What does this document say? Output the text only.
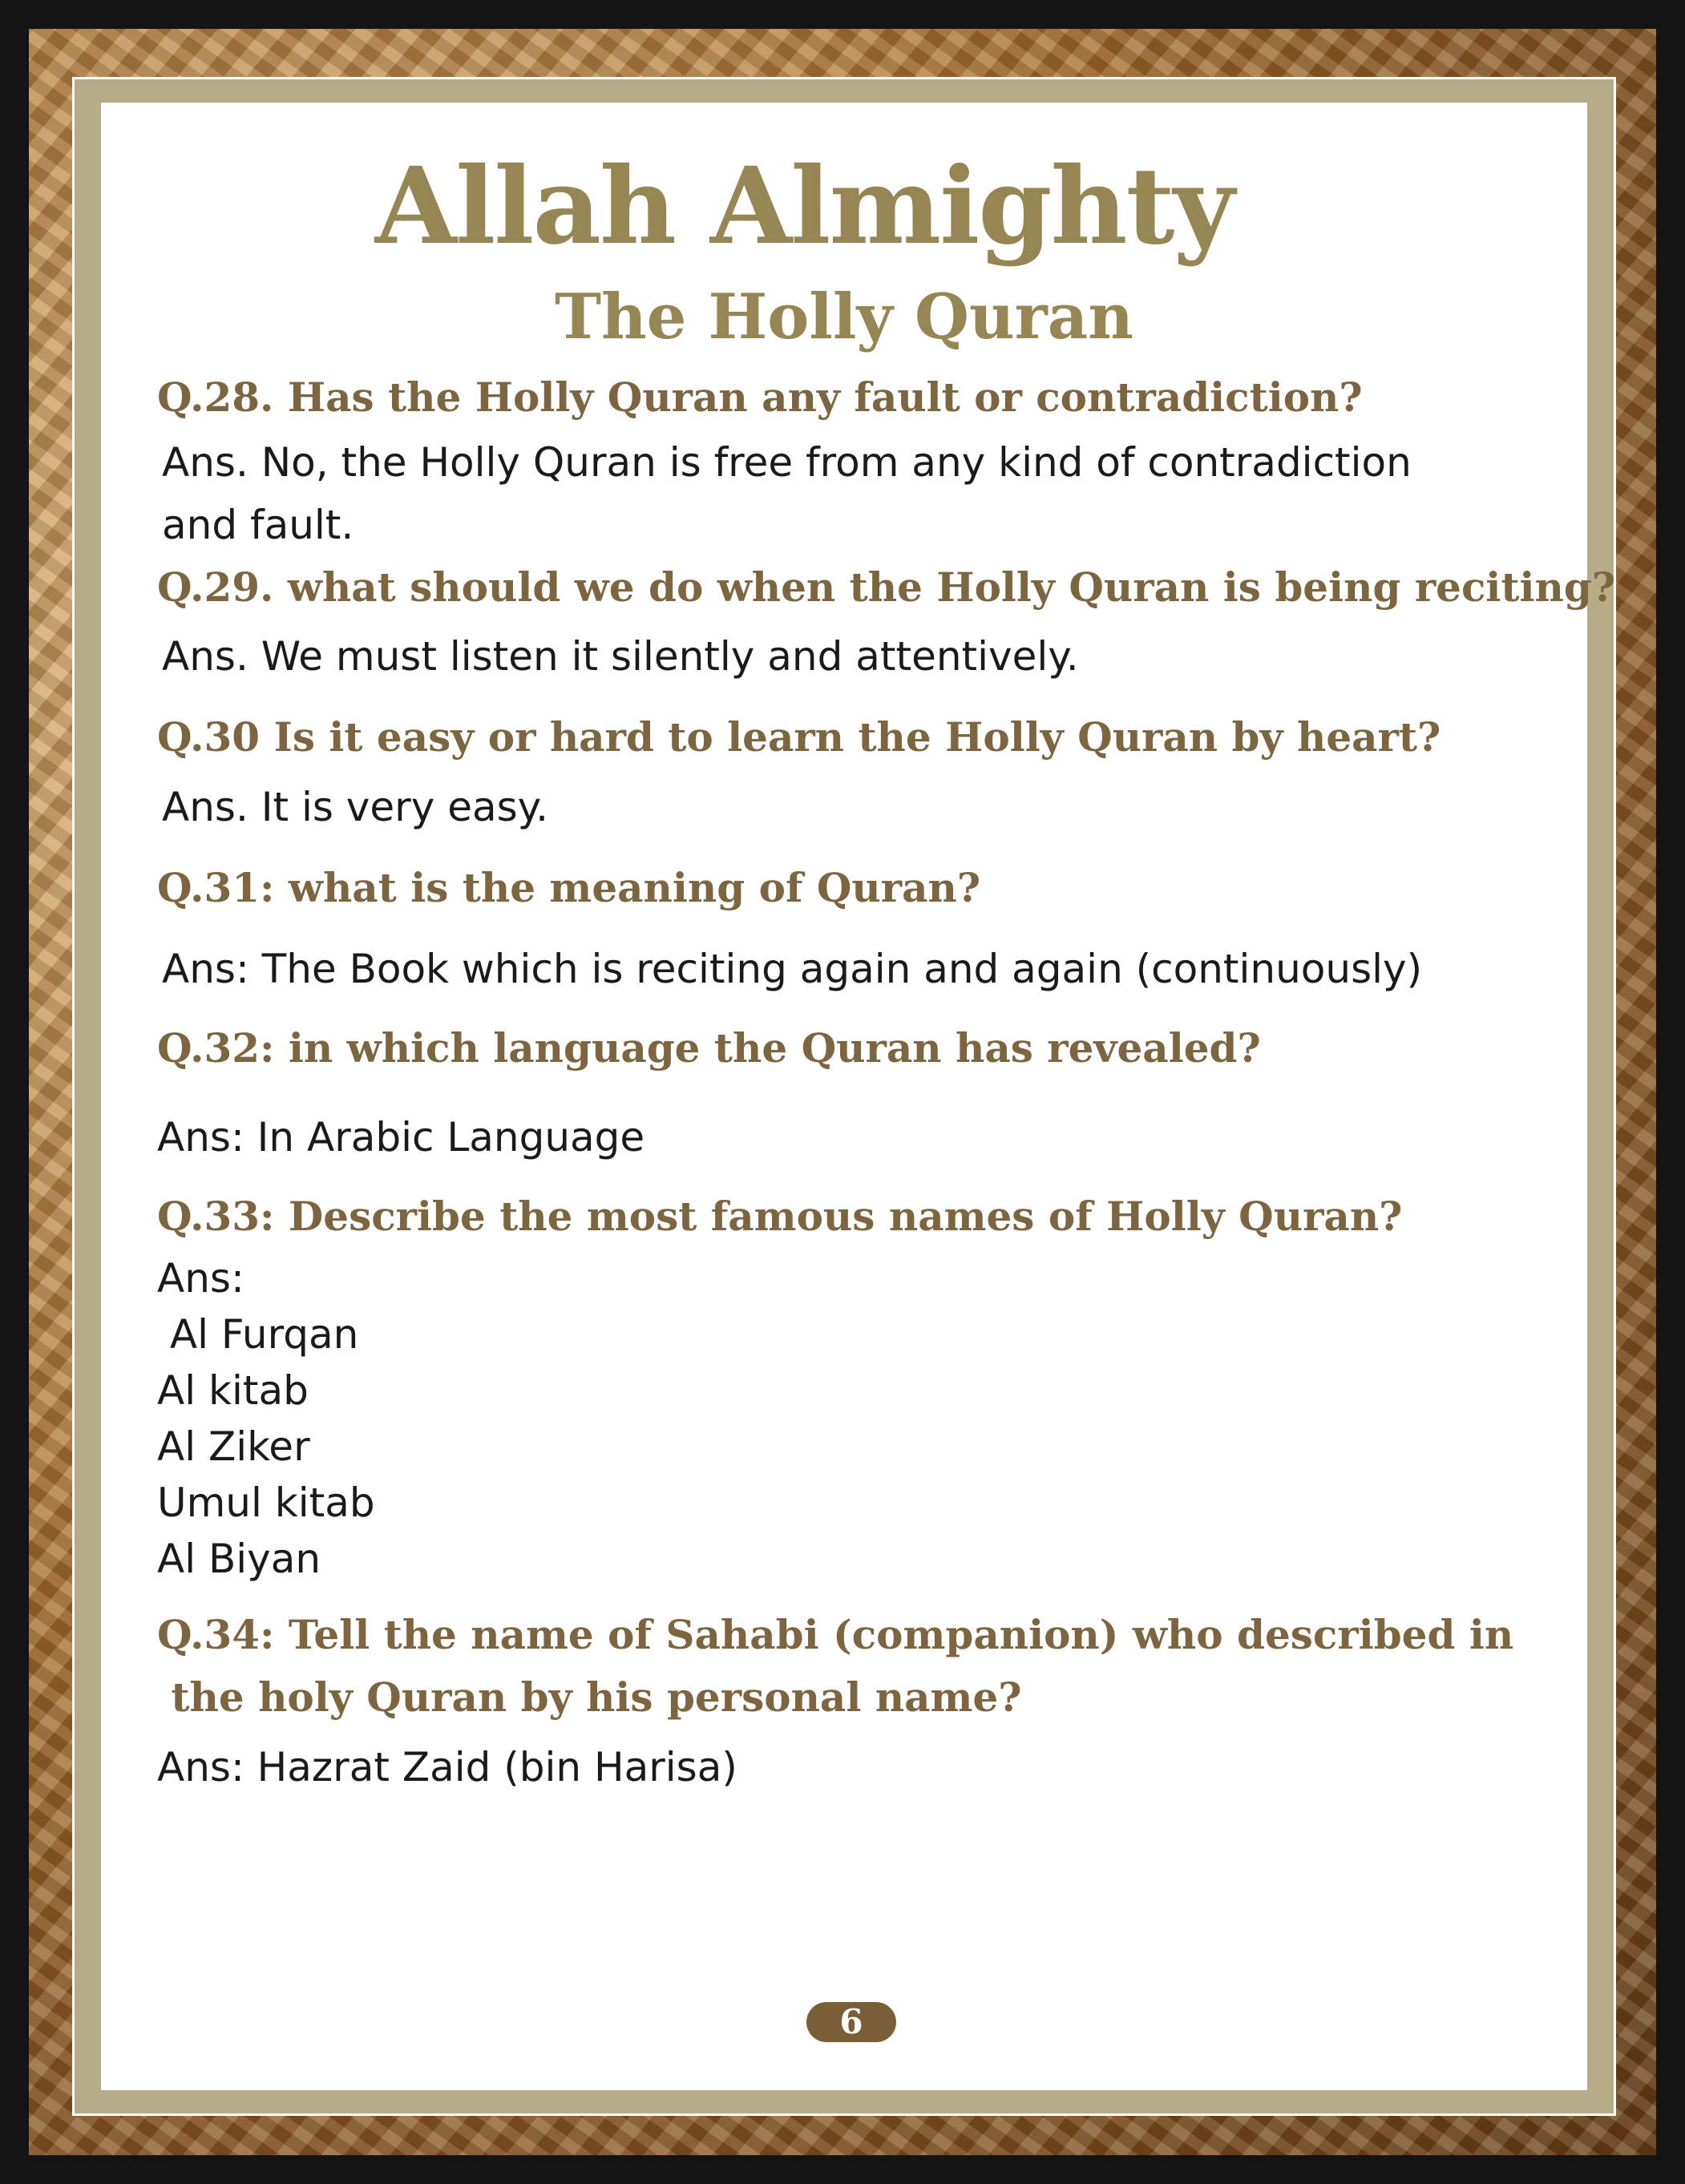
Allah Almighty
The Holly Quran
Q.28. Has the Holly Quran any fault or contradiction?
Ans. No, the Holly Quran is free from any kind of contradiction
and fault.
Q.29. what should we do when the Holly Quran is being reciting?
Ans. We must listen it silently and attentively.
Q.30 Is it easy or hard to learn the Holly Quran by heart?
Ans. It is very easy.
Q.31: what is the meaning of Quran?
Ans: The Book which is reciting again and again (continuously)
Q.32: in which language the Quran has revealed?
Ans: In Arabic Language
Q.33: Describe the most famous names of Holly Quran?
Ans:
Al Furqan
Al kitab
Al Ziker
Umul kitab
Al Biyan
Q.34: Tell the name of Sahabi (companion) who described in
the holy Quran by his personal name?
Ans: Hazrat Zaid (bin Harisa)
6
